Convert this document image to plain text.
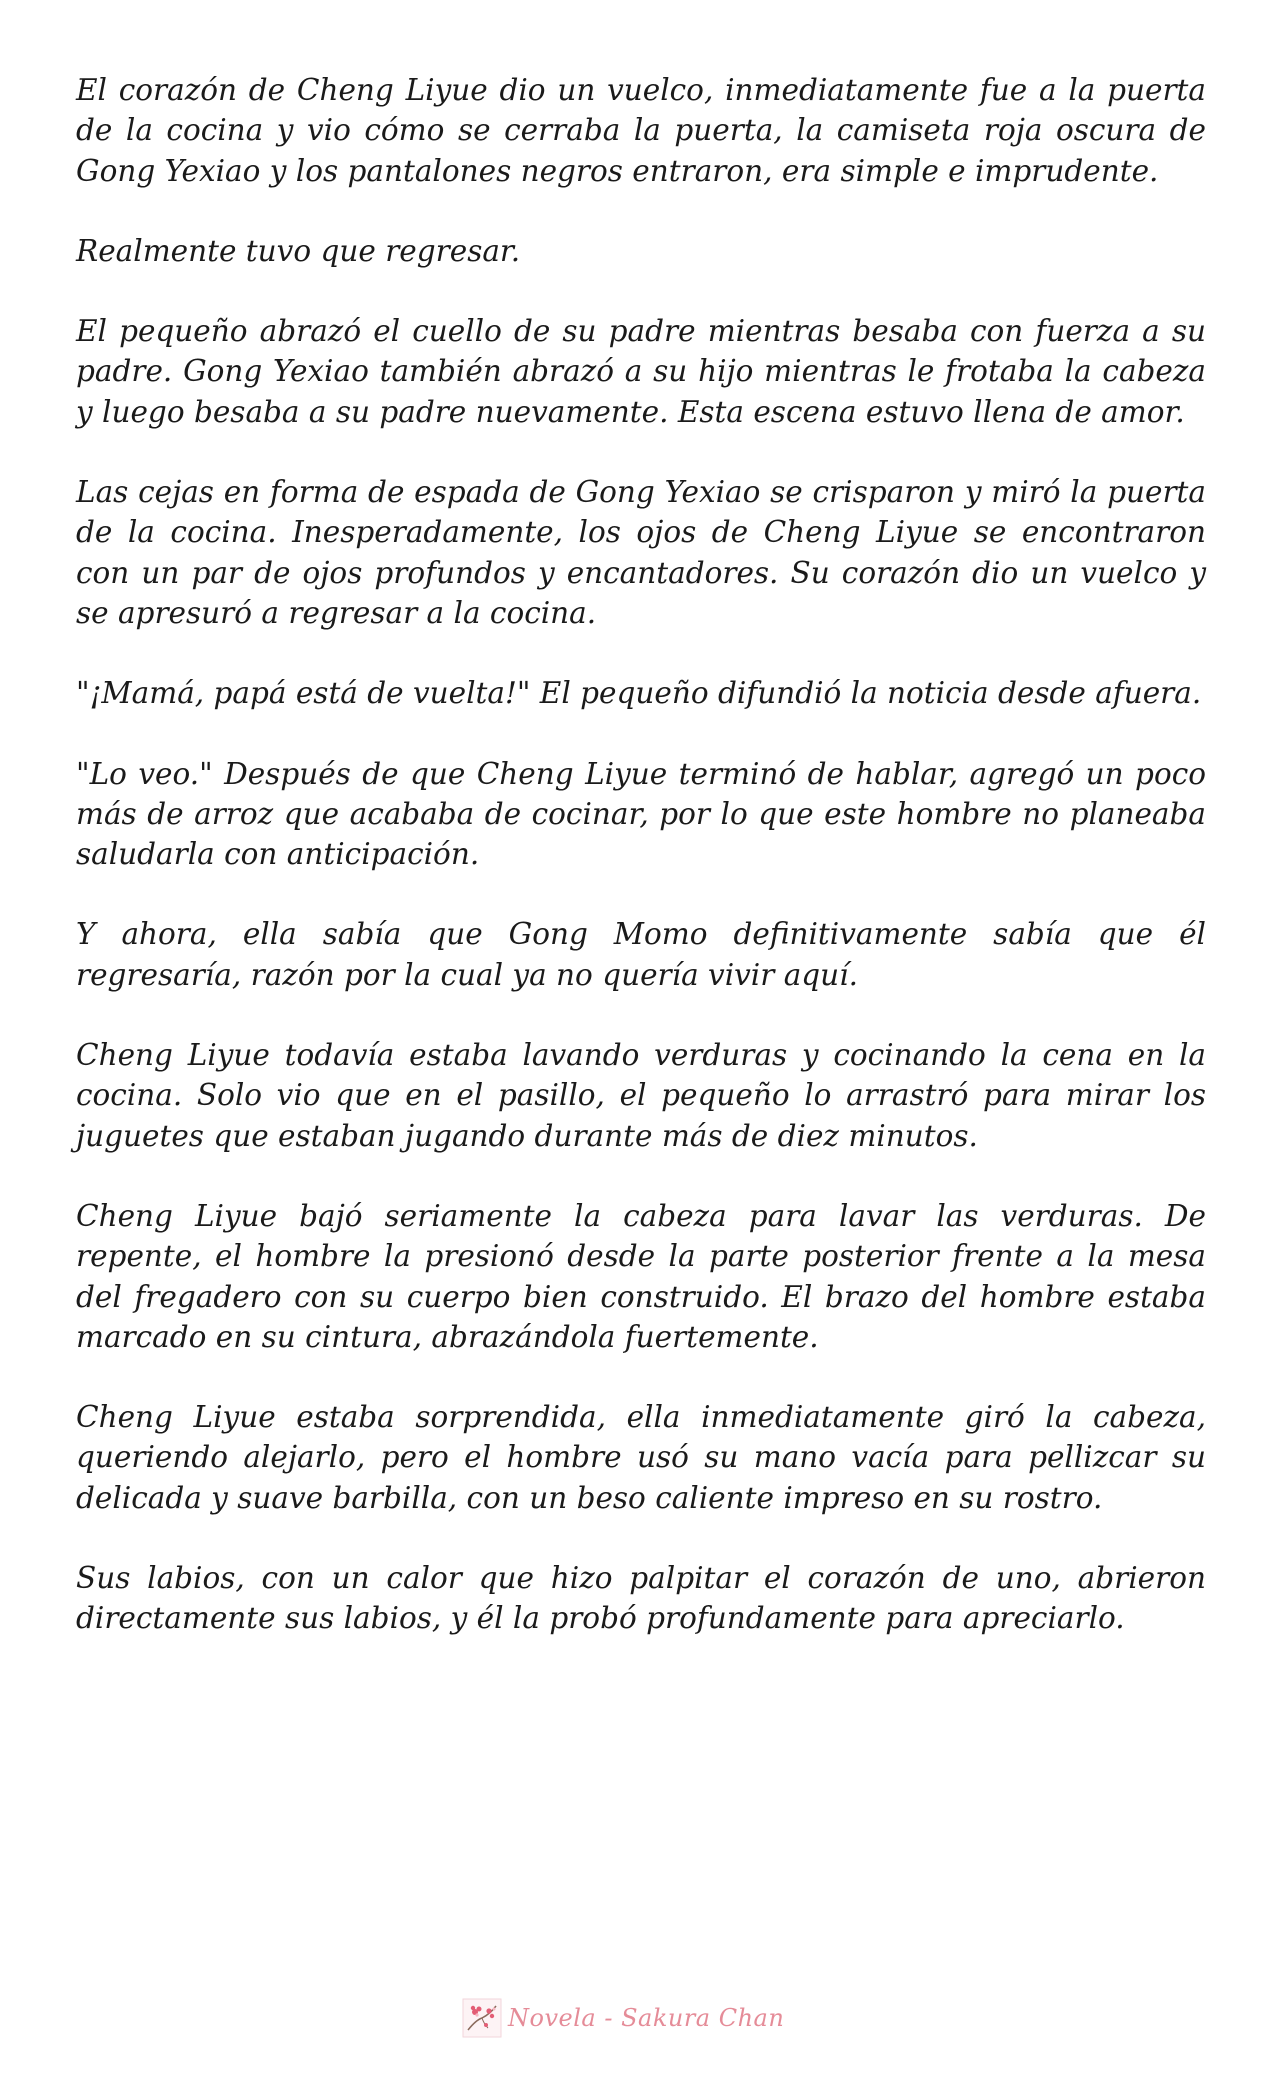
El corazón de Cheng Liyue dio un vuelco, inmediatamente fue a la puerta de la cocina y vio cómo se cerraba la puerta, la camiseta roja oscura de Gong Yexiao y los pantalones negros entraron, era simple e imprudente.

Realmente tuvo que regresar.

El pequeño abrazó el cuello de su padre mientras besaba con fuerza a su padre. Gong Yexiao también abrazó a su hijo mientras le frotaba la cabeza y luego besaba a su padre nuevamente. Esta escena estuvo llena de amor.

Las cejas en forma de espada de Gong Yexiao se crisparon y miró la puerta de la cocina. Inesperadamente, los ojos de Cheng Liyue se encontraron con un par de ojos profundos y encantadores. Su corazón dio un vuelco y se apresuró a regresar a la cocina.

"¡Mamá, papá está de vuelta!" El pequeño difundió la noticia desde afuera.

"Lo veo." Después de que Cheng Liyue terminó de hablar, agregó un poco más de arroz que acababa de cocinar, por lo que este hombre no planeaba saludarla con anticipación.

Y ahora, ella sabía que Gong Momo definitivamente sabía que él regresaría, razón por la cual ya no quería vivir aquí.

Cheng Liyue todavía estaba lavando verduras y cocinando la cena en la cocina. Solo vio que en el pasillo, el pequeño lo arrastró para mirar los juguetes que estaban jugando durante más de diez minutos.

Cheng Liyue bajó seriamente la cabeza para lavar las verduras. De repente, el hombre la presionó desde la parte posterior frente a la mesa del fregadero con su cuerpo bien construido. El brazo del hombre estaba marcado en su cintura, abrazándola fuertemente.

Cheng Liyue estaba sorprendida, ella inmediatamente giró la cabeza, queriendo alejarlo, pero el hombre usó su mano vacía para pellizcar su delicada y suave barbilla, con un beso caliente impreso en su rostro.

Sus labios, con un calor que hizo palpitar el corazón de uno, abrieron directamente sus labios, y él la probó profundamente para apreciarlo.

Novela - Sakura Chan
